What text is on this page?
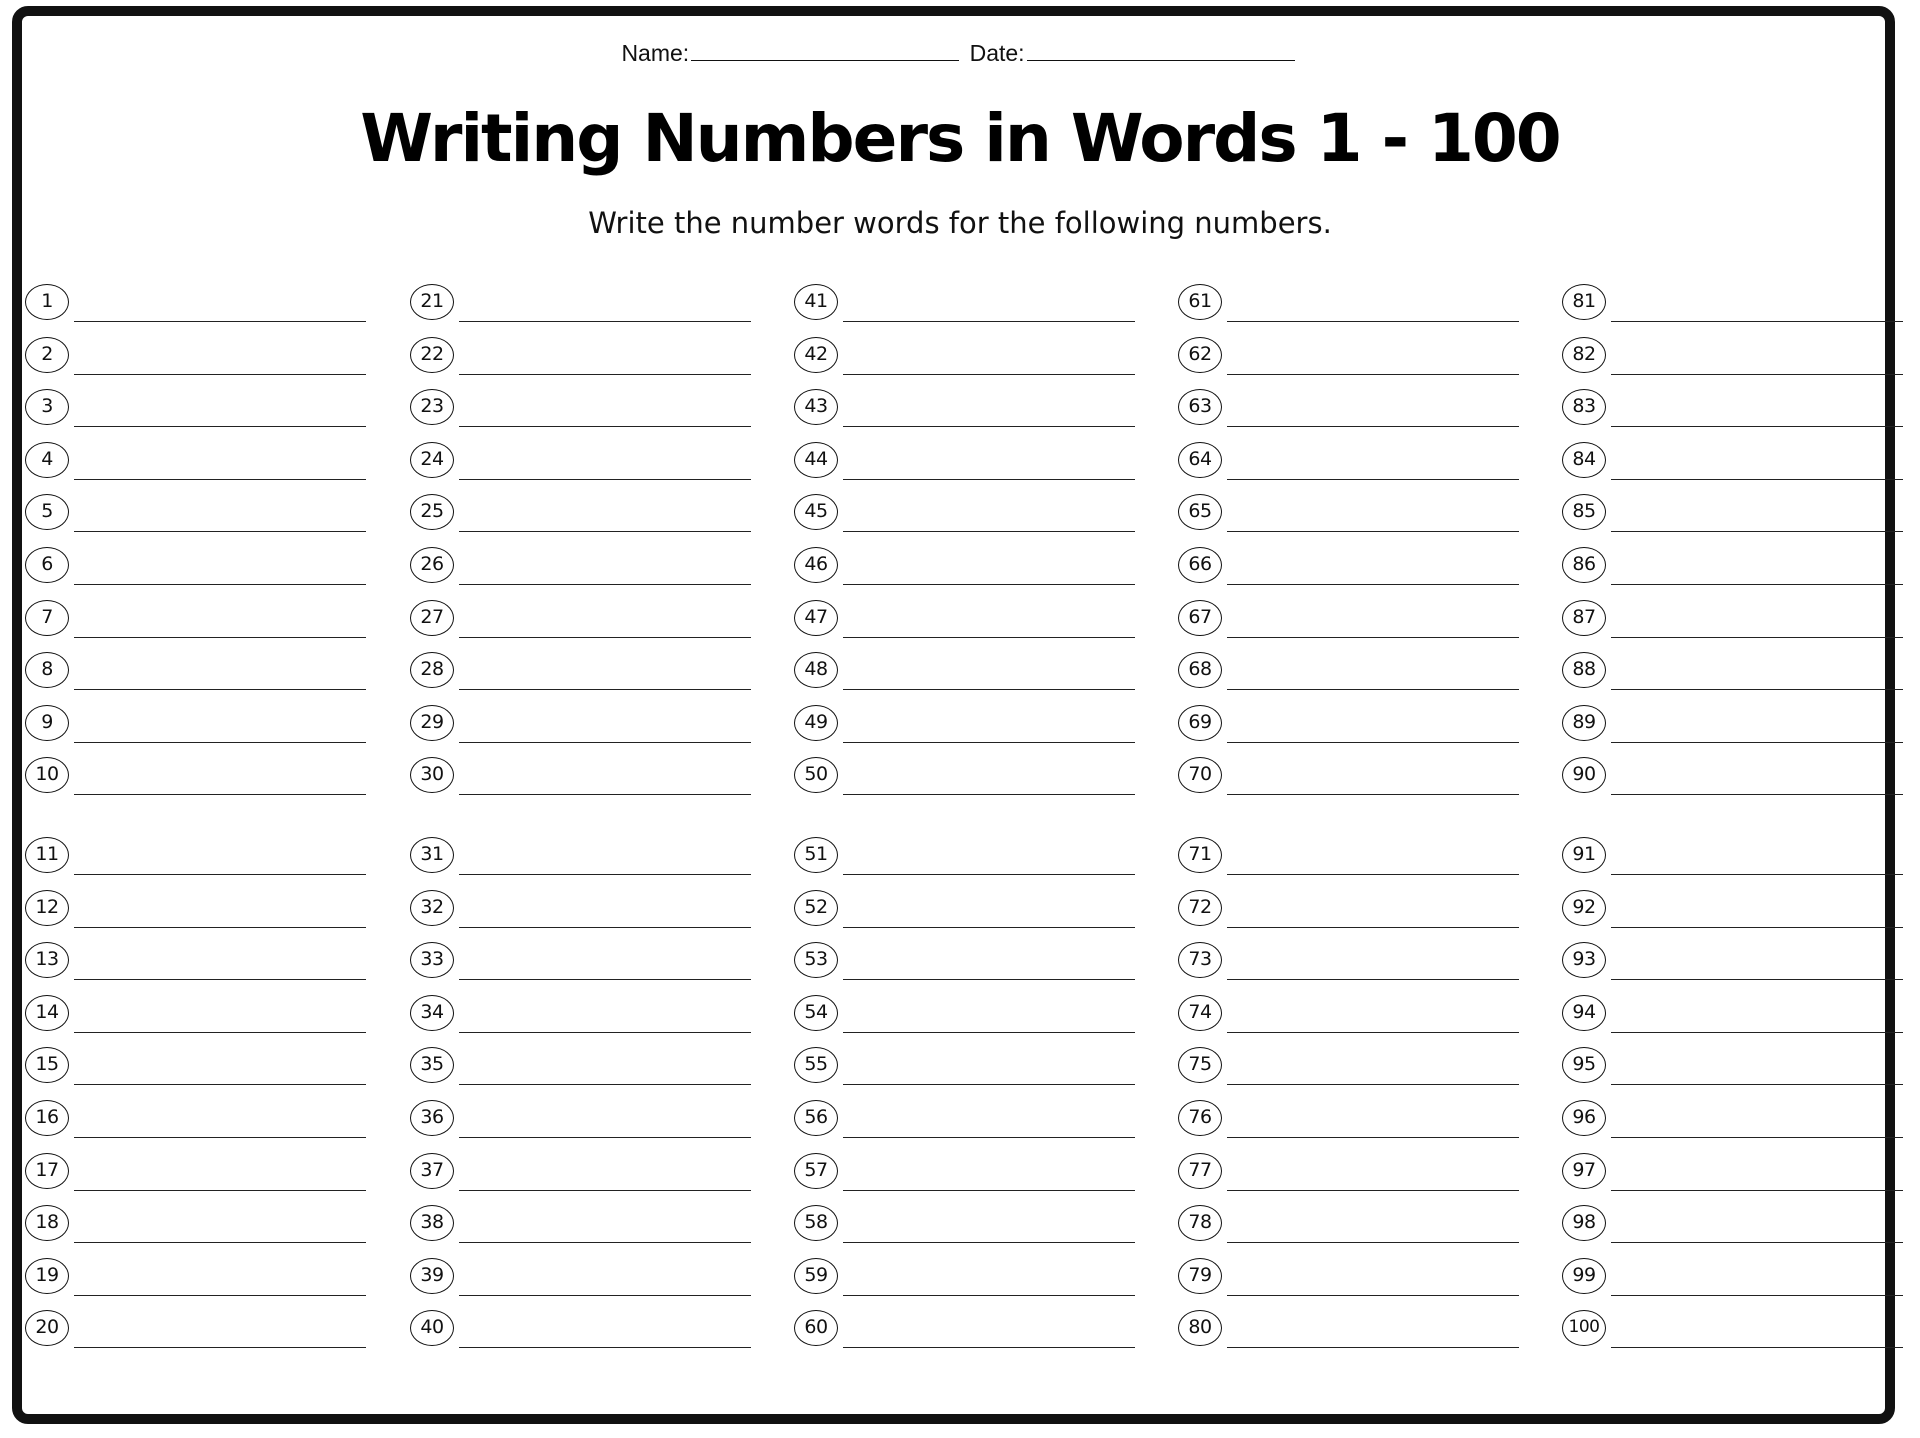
Name:	Date:
Writing Numbers in Words 1 - 100
Write the number words for the following numbers.
1
2
3
4
5
6
7
8
9
10
11
12
13
14
15
16
17
18
19
20
21
22
23
24
25
26
27
28
29
30
31
32
33
34
35
36
37
38
39
40
41
42
43
44
45
46
47
48
49
50
51
52
53
54
55
56
57
58
59
60
61
62
63
64
65
66
67
68
69
70
71
72
73
74
75
76
77
78
79
80
81
82
83
84
85
86
87
88
89
90
91
92
93
94
95
96
97
98
99
100
